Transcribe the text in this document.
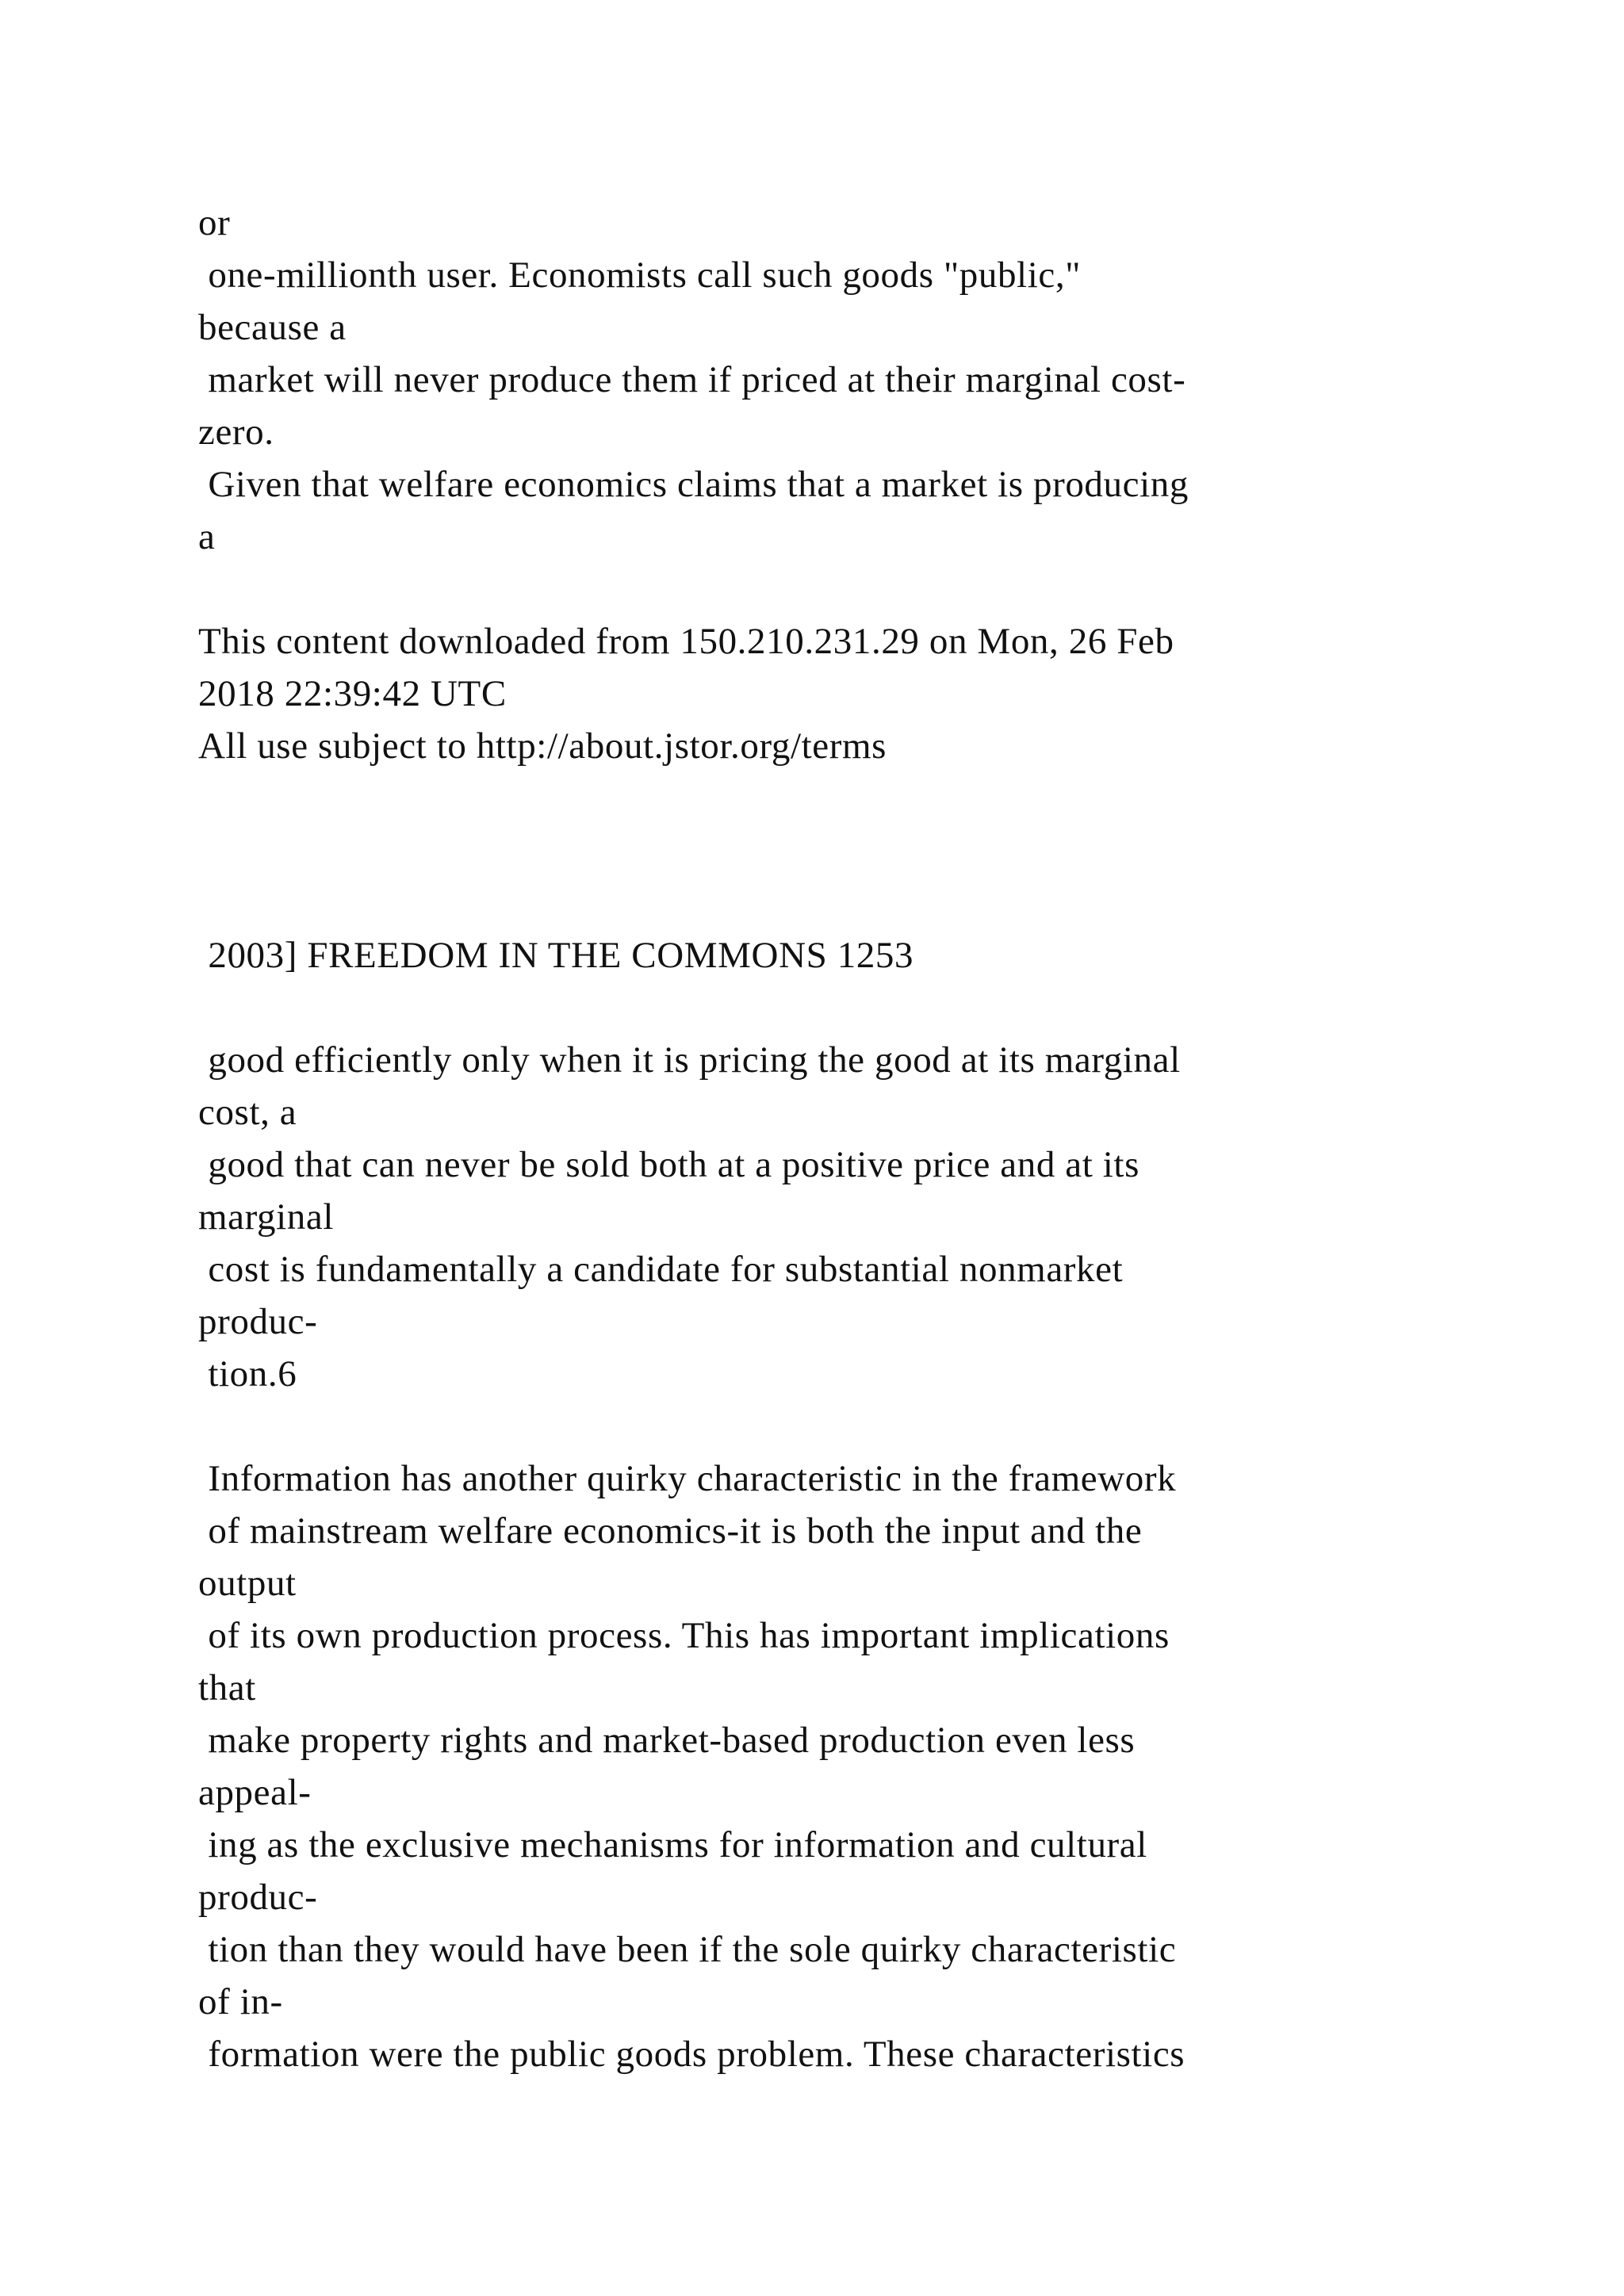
or
one-millionth user. Economists call such goods "public,"
because a
market will never produce them if priced at their marginal cost-
zero.
Given that welfare economics claims that a market is producing
a
This content downloaded from 150.210.231.29 on Mon, 26 Feb
2018 22:39:42 UTC
All use subject to http://about.jstor.org/terms
2003] FREEDOM IN THE COMMONS 1253
good efficiently only when it is pricing the good at its marginal
cost, a
good that can never be sold both at a positive price and at its
marginal
cost is fundamentally a candidate for substantial nonmarket
produc-
tion.6
Information has another quirky characteristic in the framework
of mainstream welfare economics-it is both the input and the
output
of its own production process. This has important implications
that
make property rights and market-based production even less
appeal-
ing as the exclusive mechanisms for information and cultural
produc-
tion than they would have been if the sole quirky characteristic
of in-
formation were the public goods problem. These characteristics
